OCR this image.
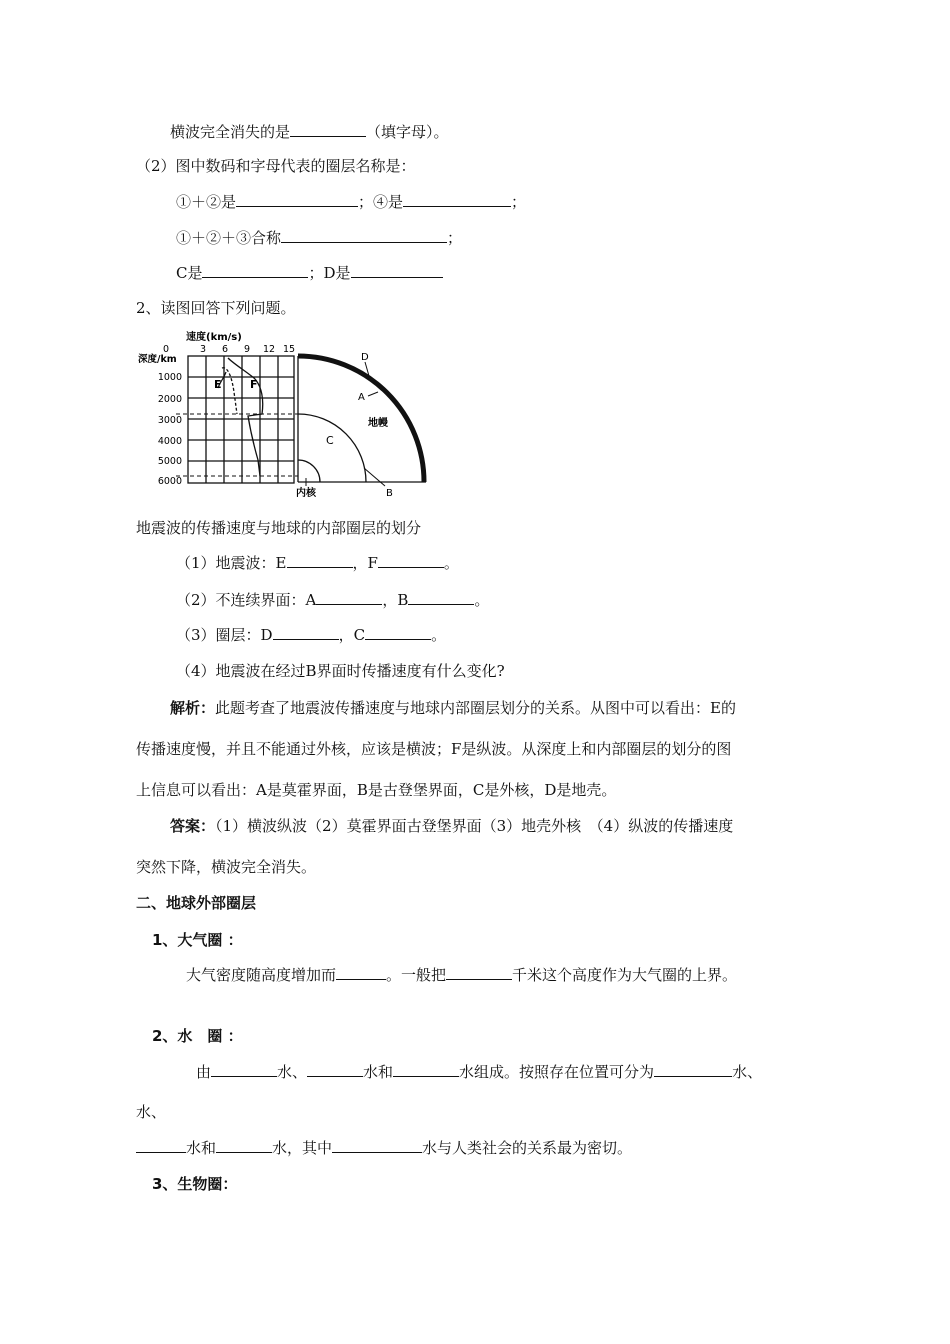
横波完全消失的是	（填字母）。
（2）图中数码和字母代表的圈层名称是：
①＋②是	；④是	；
①＋②＋③合称	；
C是	；D是
2、读图回答下列问题。
速度(km/s)
深度/km
0	3 6 9 12 15
1000
2000
3000
4000
5000
6000
E	F
D
A
地幔
C
B
内核
地震波的传播速度与地球的内部圈层的划分
（1）地震波：E	，F	。
（2）不连续界面：A	，B	。
（3）圈层：D	，C	。
（4）地震波在经过B界面时传播速度有什么变化?
解析：此题考查了地震波传播速度与地球内部圈层划分的关系。从图中可以看出：E的
传播速度慢，并且不能通过外核，应该是横波；F是纵波。从深度上和内部圈层的划分的图
上信息可以看出：A是莫霍界面，B是古登堡界面，C是外核，D是地壳。
答案：（1）横波纵波（2）莫霍界面古登堡界面（3）地壳外核　（4）纵波的传播速度
突然下降，横波完全消失。
二、地球外部圈层
1、大气圈 ：
大气密度随高度增加而	。一般把	千米这个高度作为大气圈的上界。
2、水　圈 ：
由	水、	水和	水组成。按照存在位置可分为	水、
水、
水和	水，其中	水与人类社会的关系最为密切。
3、生物圈：
